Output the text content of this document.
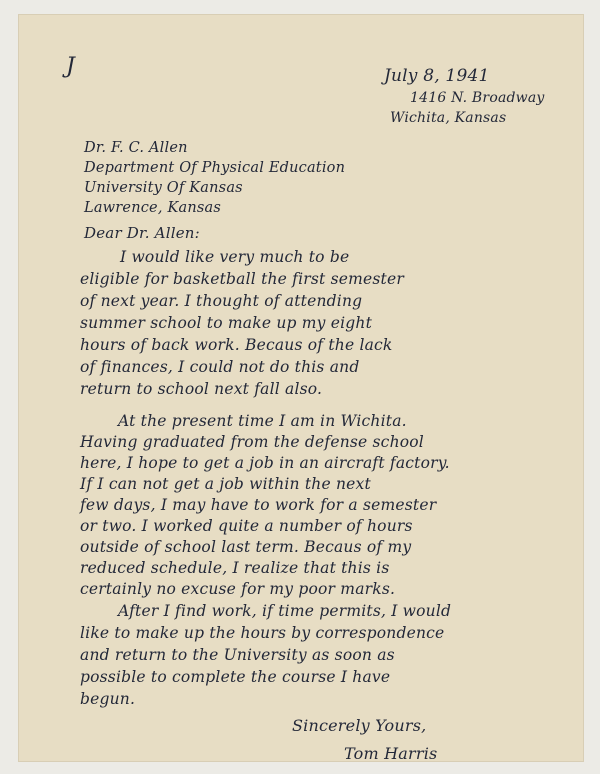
J	July 8, 1941
1416 N. Broadway
Wichita, Kansas
Dr. F. C. Allen
Department Of Physical Education
University Of Kansas
Lawrence, Kansas
Dear Dr. Allen:
I would like very much to be
eligible for basketball the first semester
of next year. I thought of attending
summer school to make up my eight
hours of back work. Becaus of the lack
of finances, I could not do this and
return to school next fall also.
At the present time I am in Wichita.
Having graduated from the defense school
here, I hope to get a job in an aircraft factory.
If I can not get a job within the next
few days, I may have to work for a semester
or two. I worked quite a number of hours
outside of school last term. Becaus of my
reduced schedule, I realize that this is
After I find work, if time permits, I would
like to make up the hours by correspondence
and return to the University as soon as
possible to complete the course I have
begun.
Sincerely Yours,
Tom Harris
certainly no excuse for my poor marks.
